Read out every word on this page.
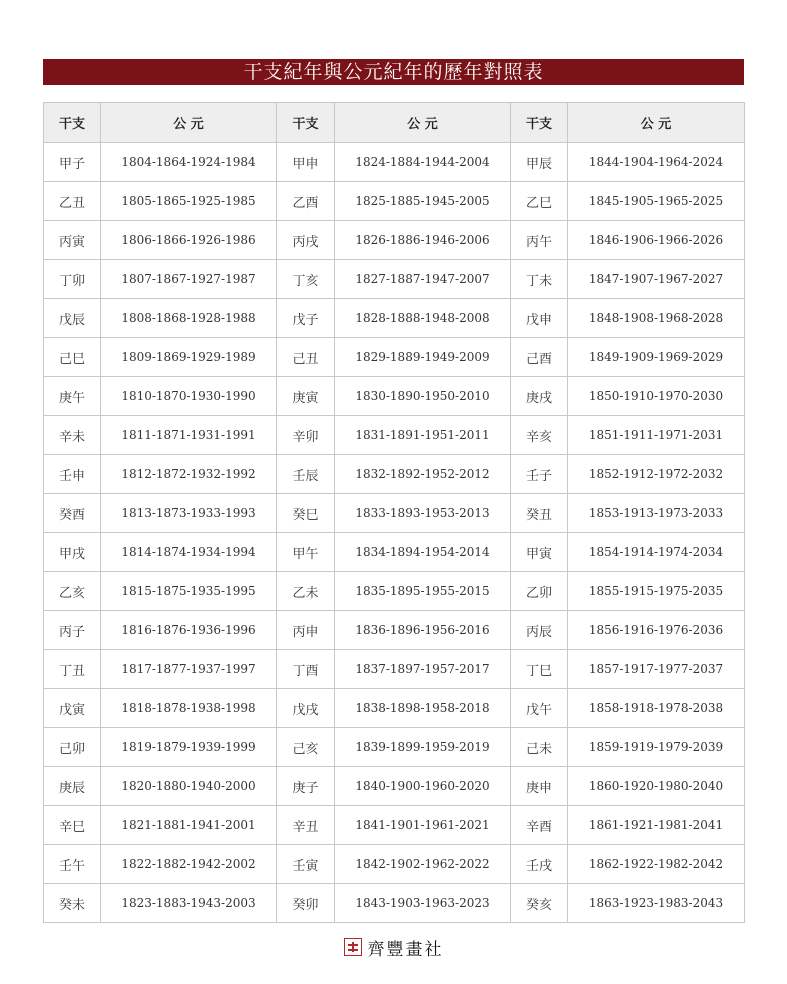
干支紀年與公元紀年的歷年對照表
干支	公 元	干支	公 元	干支	公 元
甲子	1804-1864-1924-1984	甲申	1824-1884-1944-2004	甲辰	1844-1904-1964-2024
乙丑	1805-1865-1925-1985	乙酉	1825-1885-1945-2005	乙巳	1845-1905-1965-2025
丙寅	1806-1866-1926-1986	丙戌	1826-1886-1946-2006	丙午	1846-1906-1966-2026
丁卯	1807-1867-1927-1987	丁亥	1827-1887-1947-2007	丁未	1847-1907-1967-2027
戊辰	1808-1868-1928-1988	戊子	1828-1888-1948-2008	戊申	1848-1908-1968-2028
己巳	1809-1869-1929-1989	己丑	1829-1889-1949-2009	己酉	1849-1909-1969-2029
庚午	1810-1870-1930-1990	庚寅	1830-1890-1950-2010	庚戌	1850-1910-1970-2030
辛未	1811-1871-1931-1991	辛卯	1831-1891-1951-2011	辛亥	1851-1911-1971-2031
壬申	1812-1872-1932-1992	壬辰	1832-1892-1952-2012	壬子	1852-1912-1972-2032
癸酉	1813-1873-1933-1993	癸巳	1833-1893-1953-2013	癸丑	1853-1913-1973-2033
甲戌	1814-1874-1934-1994	甲午	1834-1894-1954-2014	甲寅	1854-1914-1974-2034
乙亥	1815-1875-1935-1995	乙未	1835-1895-1955-2015	乙卯	1855-1915-1975-2035
丙子	1816-1876-1936-1996	丙申	1836-1896-1956-2016	丙辰	1856-1916-1976-2036
丁丑	1817-1877-1937-1997	丁酉	1837-1897-1957-2017	丁巳	1857-1917-1977-2037
戊寅	1818-1878-1938-1998	戊戌	1838-1898-1958-2018	戊午	1858-1918-1978-2038
己卯	1819-1879-1939-1999	己亥	1839-1899-1959-2019	己未	1859-1919-1979-2039
庚辰	1820-1880-1940-2000	庚子	1840-1900-1960-2020	庚申	1860-1920-1980-2040
辛巳	1821-1881-1941-2001	辛丑	1841-1901-1961-2021	辛酉	1861-1921-1981-2041
壬午	1822-1882-1942-2002	壬寅	1842-1902-1962-2022	壬戌	1862-1922-1982-2042
癸未	1823-1883-1943-2003	癸卯	1843-1903-1963-2023	癸亥	1863-1923-1983-2043
齊豐畫社
